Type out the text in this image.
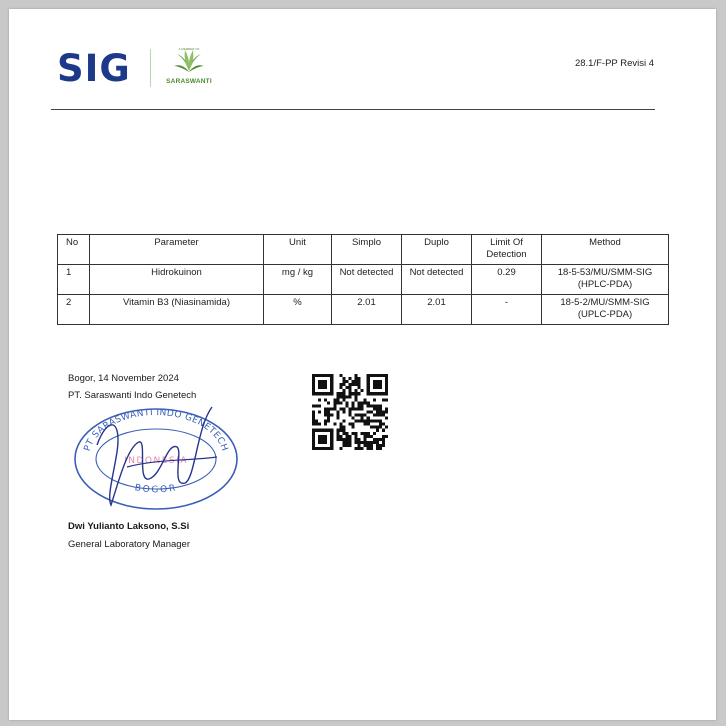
SIG	A MEMBER OF
SARASWANTI
28.1/F-PP Revisi 4
No	Parameter	Unit	Simplo	Duplo	Limit Of Detection	Method
1	Hidrokuinon	mg / kg	Not detected	Not detected	0.29	18-5-53/MU/SMM-SIG (HPLC-PDA)
2	Vitamin B3 (Niasinamida)	%	2.01	2.01	-	18-5-2/MU/SMM-SIG (UPLC-PDA)
Bogor, 14 November 2024
PT. Saraswanti Indo Genetech
PT SARASWANTI INDO GENETECH
INDONESIA
BOGOR
Dwi Yulianto Laksono, S.Si
General Laboratory Manager
